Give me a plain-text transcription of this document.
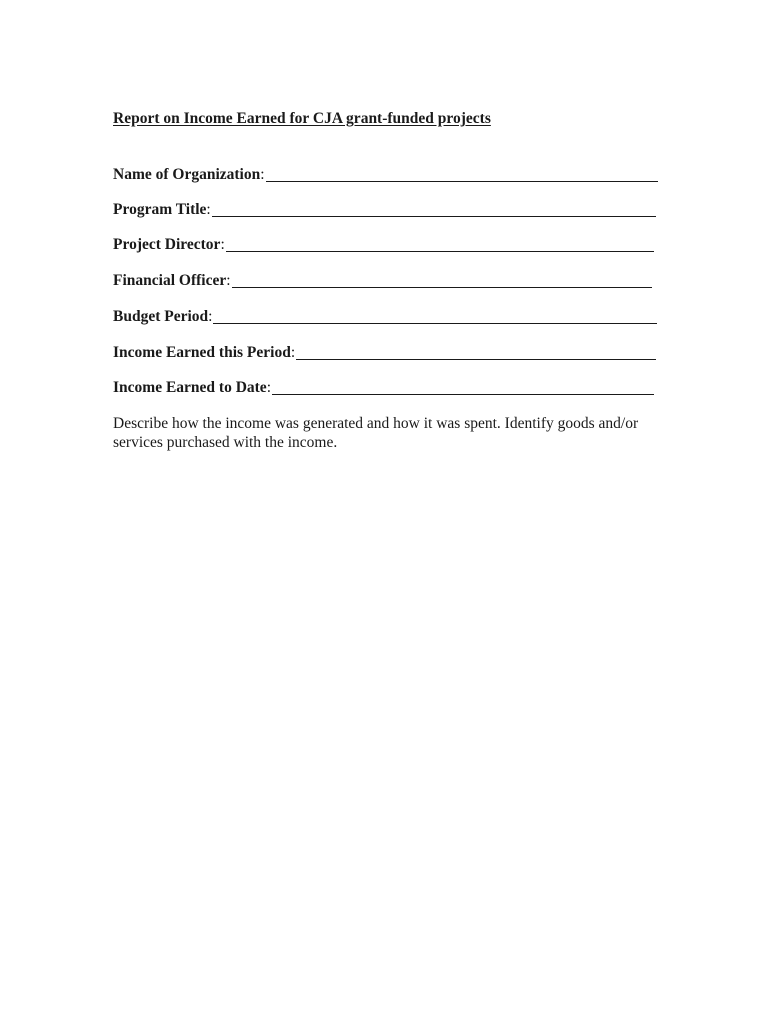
Report on Income Earned for CJA grant-funded projects
Name of Organization :
Program Title :
Project Director :
Financial Officer :
Budget Period :
Income Earned this Period :
Income Earned to Date :
Describe how the income was generated and how it was spent. Identify goods and/or services purchased with the income.
